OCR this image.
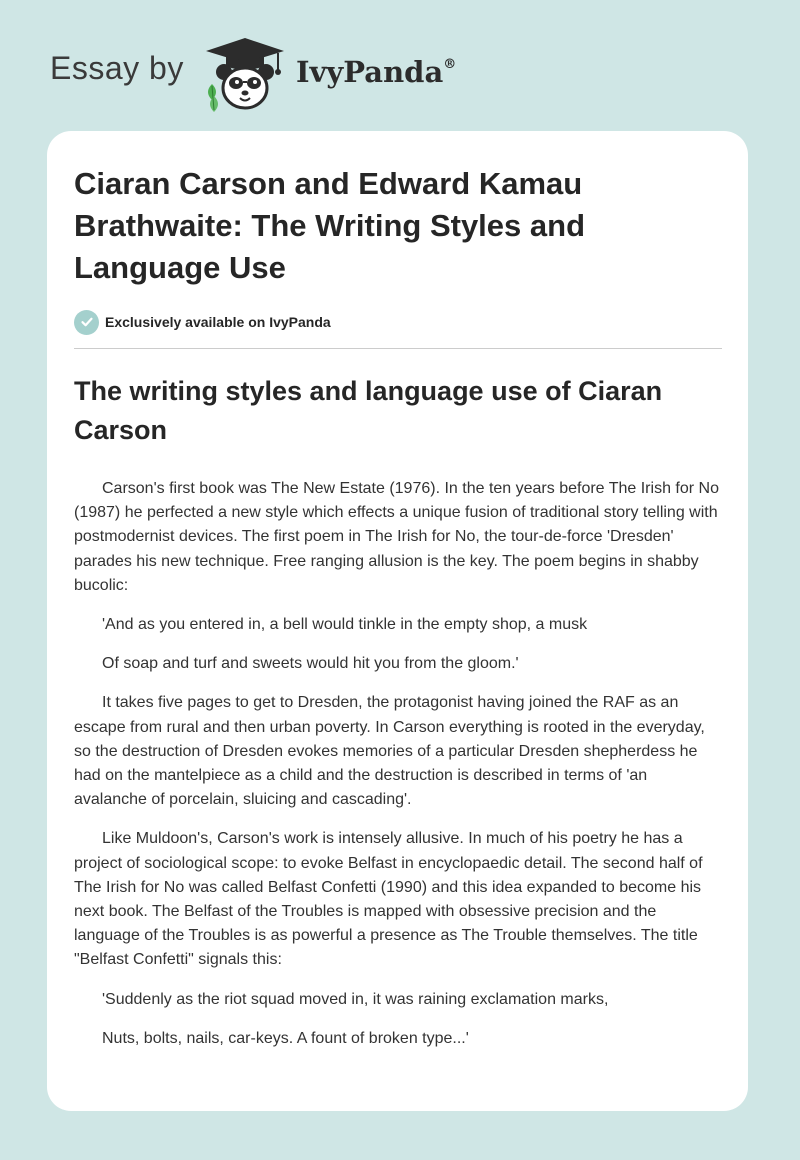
Essay by	IvyPanda®
Ciaran Carson and Edward Kamau Brathwaite: The Writing Styles and Language Use
Exclusively available on IvyPanda
The writing styles and language use of Ciaran Carson

Carson's first book was The New Estate (1976). In the ten years before The Irish for No (1987) he perfected a new style which effects a unique fusion of traditional story telling with postmodernist devices. The first poem in The Irish for No, the tour-de-force 'Dresden' parades his new technique. Free ranging allusion is the key. The poem begins in shabby bucolic:

'And as you entered in, a bell would tinkle in the empty shop, a musk

Of soap and turf and sweets would hit you from the gloom.'

It takes five pages to get to Dresden, the protagonist having joined the RAF as an escape from rural and then urban poverty. In Carson everything is rooted in the everyday, so the destruction of Dresden evokes memories of a particular Dresden shepherdess he had on the mantelpiece as a child and the destruction is described in terms of 'an avalanche of porcelain, sluicing and cascading'.

Like Muldoon's, Carson's work is intensely allusive. In much of his poetry he has a project of sociological scope: to evoke Belfast in encyclopaedic detail. The second half of The Irish for No was called Belfast Confetti (1990) and this idea expanded to become his next book. The Belfast of the Troubles is mapped with obsessive precision and the language of the Troubles is as powerful a presence as The Trouble themselves. The title "Belfast Confetti" signals this:

'Suddenly as the riot squad moved in, it was raining exclamation marks,

Nuts, bolts, nails, car-keys. A fount of broken type...'
